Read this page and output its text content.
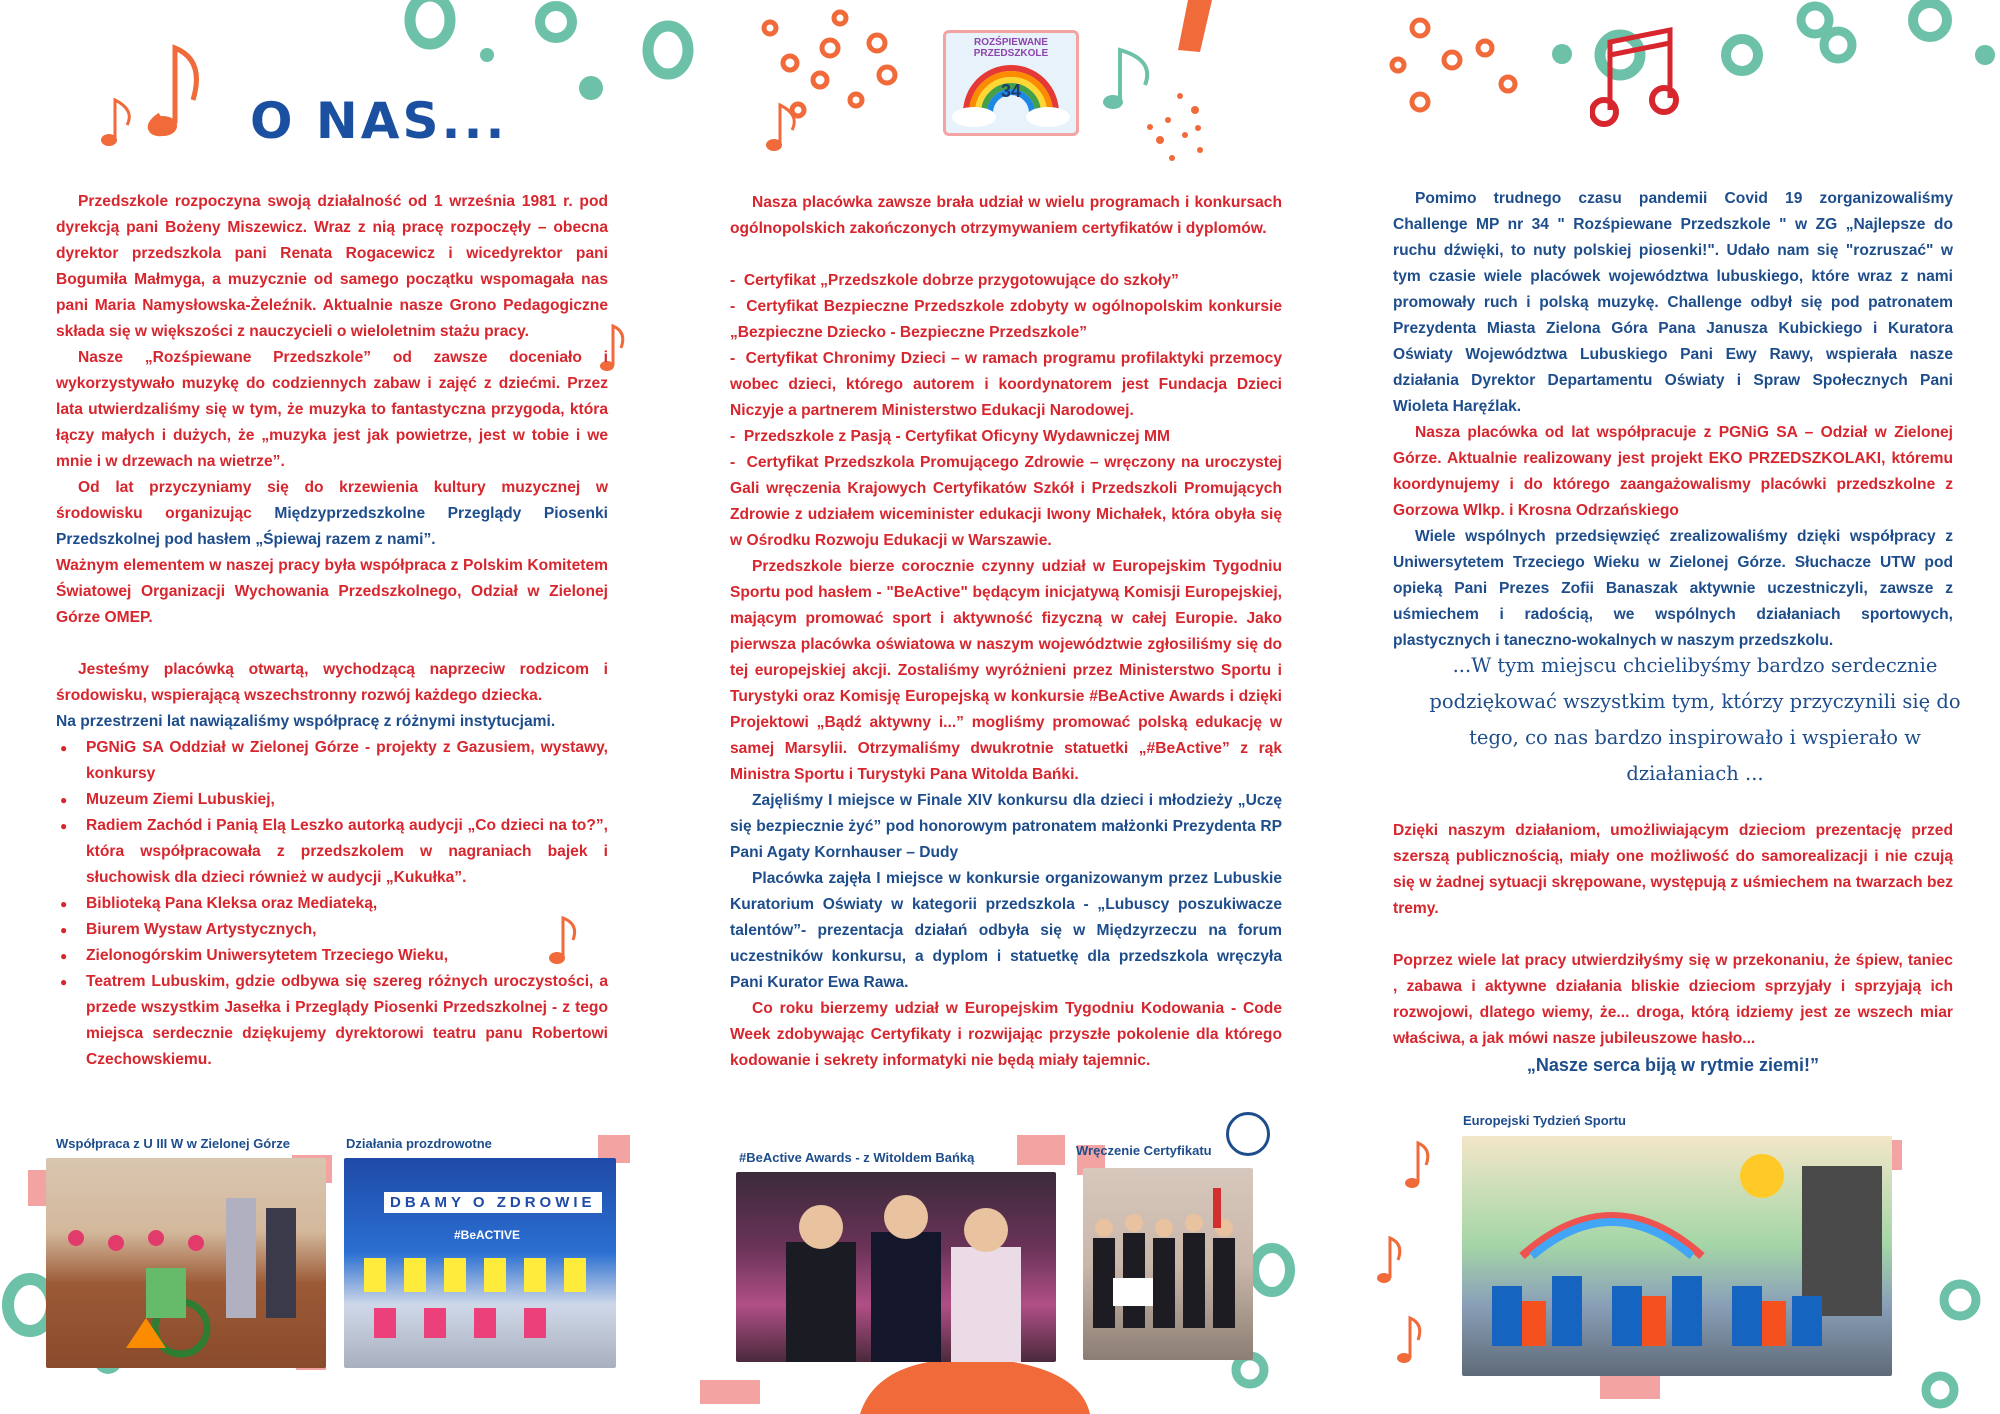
ROZŚPIEWANE PRZEDSZKOLE
34
O NAS...

Przedszkole rozpoczyna swoją działalność od 1 września 1981 r. pod dyrekcją pani Bożeny Miszewicz. Wraz z nią pracę rozpoczęły – obecna dyrektor przedszkola pani Renata Rogacewicz i wicedyrektor pani Bogumiła Małmyga, a muzycznie od samego początku wspomagała nas pani Maria Namysłowska-Żeleźnik. Aktualnie nasze Grono Pedagogiczne składa się w większości z nauczycieli o wieloletnim stażu pracy.

Nasze „Rozśpiewane Przedszkole” od zawsze doceniało i wykorzystywało muzykę do codziennych zabaw i zajęć z dziećmi. Przez lata utwierdzaliśmy się w tym, że muzyka to fantastyczna przygoda, która łączy małych i dużych, że „muzyka jest jak powietrze, jest w tobie i we mnie i w drzewach na wietrze”.

Od lat przyczyniamy się do krzewienia kultury muzycznej w środowisku organizując Międzyprzedszkolne Przeglądy Piosenki Przedszkolnej pod hasłem „Śpiewaj razem z nami”.

Ważnym elementem w naszej pracy była współpraca z Polskim Komitetem Światowej Organizacji Wychowania Przedszkolnego, Odział w Zielonej Górze OMEP.

Jesteśmy placówką otwartą, wychodzącą naprzeciw rodzicom i środowisku, wspierającą wszechstronny rozwój każdego dziecka.

Na przestrzeni lat nawiązaliśmy współpracę z różnymi instytucjami.

● PGNiG SA Oddział w Zielonej Górze - projekty z Gazusiem, wystawy, konkursy
● Muzeum Ziemi Lubuskiej,
● Radiem Zachód i Panią Elą Leszko autorką audycji „Co dzieci na to?”, która współpracowała z przedszkolem w nagraniach bajek i słuchowisk dla dzieci również w audycji „Kukułka”.
● Biblioteką Pana Kleksa oraz Mediateką,
● Biurem Wystaw Artystycznych,
● Zielonogórskim Uniwersytetem Trzeciego Wieku,
● Teatrem Lubuskim, gdzie odbywa się szereg różnych uroczystości, a przede wszystkim Jasełka i Przeglądy Piosenki Przedszkolnej - z tego miejsca serdecznie dziękujemy dyrektorowi teatru panu Robertowi Czechowskiemu.

Nasza placówka zawsze brała udział w wielu programach i konkursach ogólnopolskich zakończonych otrzymywaniem certyfikatów i dyplomów.

-  Certyfikat „Przedszkole dobrze przygotowujące do szkoły”

-  Certyfikat Bezpieczne Przedszkole zdobyty w ogólnopolskim konkursie „Bezpieczne Dziecko - Bezpieczne Przedszkole”

-  Certyfikat Chronimy Dzieci – w ramach programu profilaktyki przemocy wobec dzieci, którego autorem i koordynatorem jest Fundacja Dzieci Niczyje a partnerem Ministerstwo Edukacji Narodowej.

-  Przedszkole z Pasją - Certyfikat Oficyny Wydawniczej MM

-  Certyfikat Przedszkola Promującego Zdrowie – wręczony na uroczystej Gali wręczenia Krajowych Certyfikatów Szkół i Przedszkoli Promujących Zdrowie z udziałem wiceminister edukacji Iwony Michałek, która obyła się w Ośrodku Rozwoju Edukacji w Warszawie.

Przedszkole bierze corocznie czynny udział w Europejskim Tygodniu Sportu pod hasłem - "BeActive" będącym inicjatywą Komisji Europejskiej, mającym promować sport i aktywność fizyczną w całej Europie. Jako pierwsza placówka oświatowa w naszym województwie zgłosiliśmy się do tej europejskiej akcji. Zostaliśmy wyróżnieni przez Ministerstwo Sportu i Turystyki oraz Komisję Europejską w konkursie #BeActive Awards i dzięki Projektowi „Bądź aktywny i...” mogliśmy promować polską edukację w samej Marsylii. Otrzymaliśmy dwukrotnie statuetki „#BeActive” z rąk Ministra Sportu i Turystyki Pana Witolda Bańki.

Zajęliśmy I miejsce w Finale XIV konkursu dla dzieci i młodzieży „Uczę się bezpiecznie żyć” pod honorowym patronatem małżonki Prezydenta RP Pani Agaty Kornhauser – Dudy

Placówka zajęła I miejsce w konkursie organizowanym przez Lubuskie Kuratorium Oświaty w kategorii przedszkola - „Lubuscy poszukiwacze talentów”- prezentacja działań odbyła się w Międzyrzeczu na forum uczestników konkursu, a dyplom i statuetkę dla przedszkola wręczyła Pani Kurator Ewa Rawa.

Co roku bierzemy udział w Europejskim Tygodniu Kodowania - Code Week zdobywając Certyfikaty i rozwijając przyszłe pokolenie dla którego kodowanie i sekrety informatyki nie będą miały tajemnic.

Pomimo trudnego czasu pandemii Covid 19 zorganizowaliśmy Challenge MP nr 34 " Rozśpiewane Przedszkole " w ZG „Najlepsze do ruchu dźwięki, to nuty polskiej piosenki!". Udało nam się "rozruszać" w tym czasie wiele placówek województwa lubuskiego, które wraz z nami promowały ruch i polską muzykę. Challenge odbył się pod patronatem Prezydenta Miasta Zielona Góra Pana Janusza Kubickiego i Kuratora Oświaty Województwa Lubuskiego Pani Ewy Rawy, wspierała nasze działania Dyrektor Departamentu Oświaty i Spraw Społecznych Pani Wioleta Haręźlak.

Nasza placówka od lat współpracuje z PGNiG SA – Odział w Zielonej Górze. Aktualnie realizowany jest projekt EKO PRZEDSZKOLAKI, któremu koordynujemy i do którego zaangażowalismy placówki przedszkolne z Gorzowa Wlkp. i Krosna Odrzańskiego

Wiele wspólnych przedsięwzięć zrealizowaliśmy dzięki współpracy z Uniwersytetem Trzeciego Wieku w Zielonej Górze. Słuchacze UTW pod opieką Pani Prezes Zofii Banaszak aktywnie uczestniczyli, zawsze z uśmiechem i radością, we wspólnych działaniach sportowych, plastycznych i taneczno-wokalnych w naszym przedszkolu.

...W tym miejscu chcielibyśmy bardzo serdecznie podziękować wszystkim tym, którzy przyczynili się do tego, co nas bardzo inspirowało i wspierało w działaniach ...

Dzięki naszym działaniom, umożliwiającym dzieciom prezentację przed szerszą publicznością, miały one możliwość do samorealizacji i nie czują się w żadnej sytuacji skrępowane, występują z uśmiechem na twarzach bez tremy.

Poprzez wiele lat pracy utwierdziłyśmy się w przekonaniu, że śpiew, taniec , zabawa i aktywne działania bliskie dzieciom sprzyjały i sprzyjają ich rozwojowi, dlatego wiemy, że... droga, którą idziemy jest ze wszech miar właściwa, a jak mówi nasze jubileuszowe hasło...

„Nasze serca biją w rytmie ziemi!”

Współpraca z U III W w Zielonej Górze	Działania prozdrowotne
#BeActive Awards - z Witoldem Bańką	Wręczenie Certyfikatu
Europejski Tydzień Sportu
DBAMY O ZDROWIE
#BeACTIVE
